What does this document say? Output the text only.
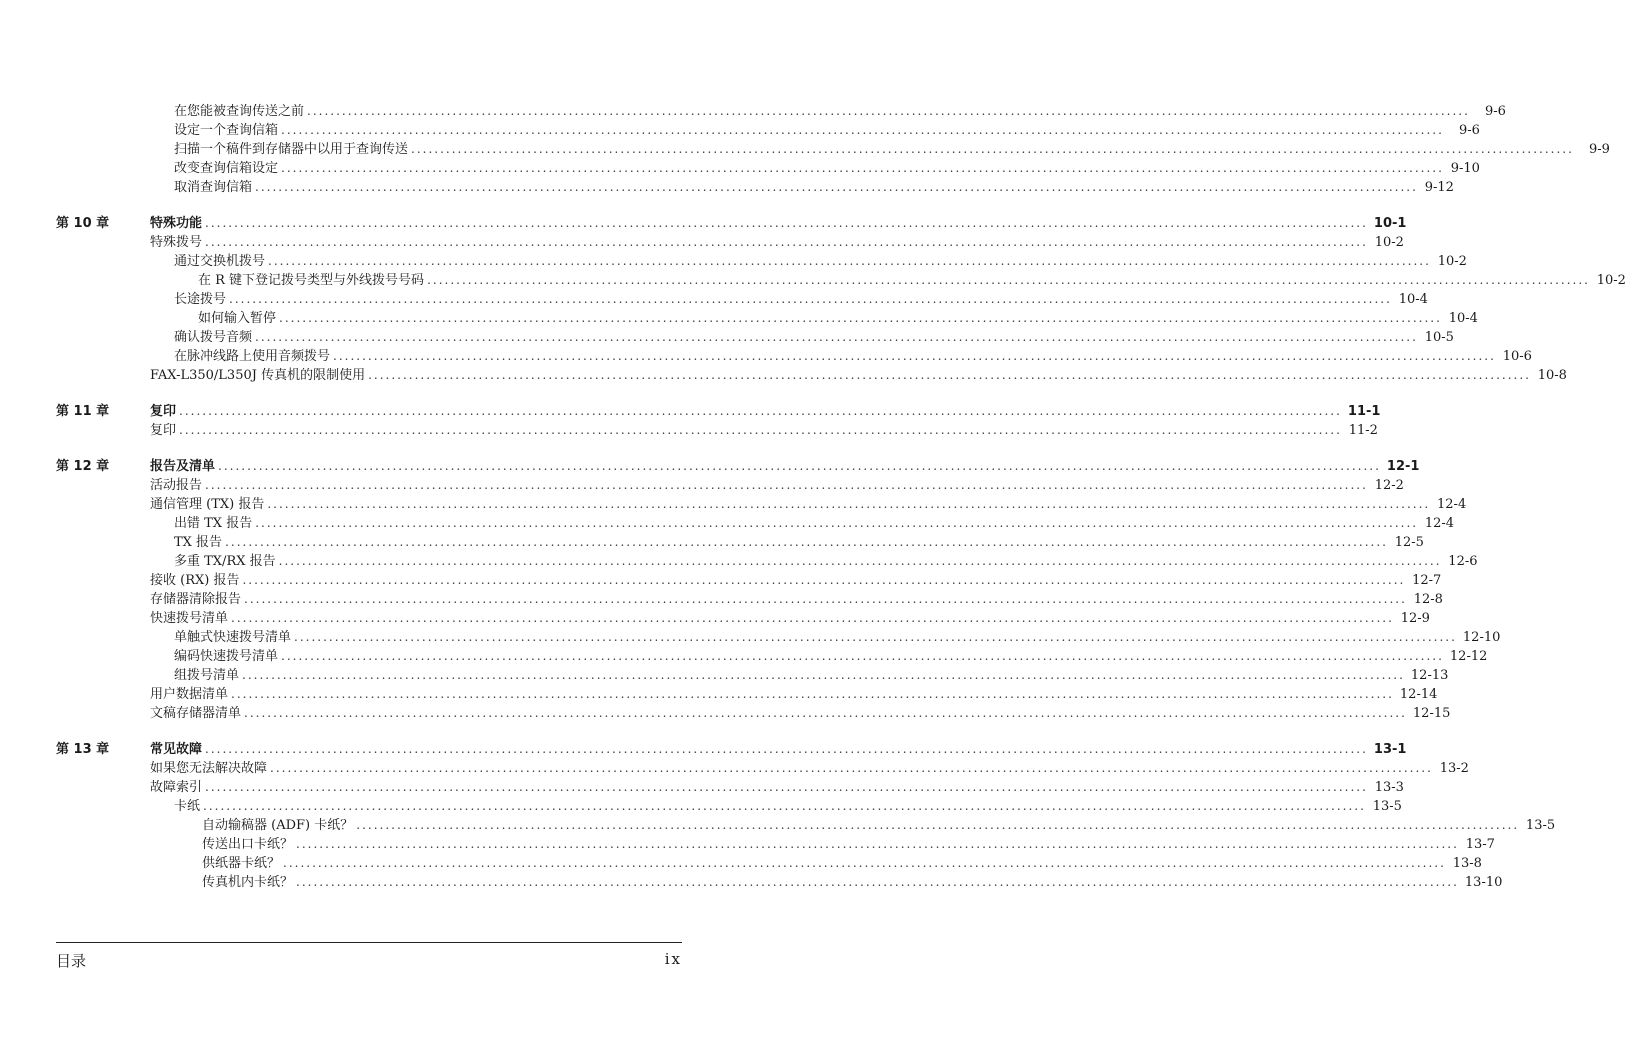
在您能被查询传送之前 ........................................................................................................................................................................................................	9-6
设定一个查询信箱 ........................................................................................................................................................................................................	9-6
扫描一个稿件到存储器中以用于查询传送 ........................................................................................................................................................................................................	9-9
改变查询信箱设定 ........................................................................................................................................................................................................ 9-10
取消查询信箱 ........................................................................................................................................................................................................ 9-12
第 10 章	特殊功能 ........................................................................................................................................................................................................ 10-1
特殊拨号 ........................................................................................................................................................................................................ 10-2
通过交换机拨号 ........................................................................................................................................................................................................ 10-2
在 R 键下登记拨号类型与外线拨号号码 ........................................................................................................................................................................................................ 10-2
长途拨号 ........................................................................................................................................................................................................ 10-4
如何输入暂停 ........................................................................................................................................................................................................ 10-4
确认拨号音频 ........................................................................................................................................................................................................ 10-5
在脉冲线路上使用音频拨号 ........................................................................................................................................................................................................ 10-6
FAX-L350/L350J 传真机的限制使用 ........................................................................................................................................................................................................ 10-8
第 11 章	复印 ........................................................................................................................................................................................................ 11-1
复印 ........................................................................................................................................................................................................ 11-2
第 12 章	报告及清单 ........................................................................................................................................................................................................ 12-1
活动报告 ........................................................................................................................................................................................................ 12-2
通信管理 (TX) 报告 ........................................................................................................................................................................................................ 12-4
出错 TX 报告 ........................................................................................................................................................................................................ 12-4
TX 报告 ........................................................................................................................................................................................................ 12-5
多重 TX/RX 报告 ........................................................................................................................................................................................................ 12-6
接收 (RX) 报告 ........................................................................................................................................................................................................ 12-7
存储器清除报告 ........................................................................................................................................................................................................ 12-8
快速拨号清单 ........................................................................................................................................................................................................ 12-9
单触式快速拨号清单 ........................................................................................................................................................................................................ 12-10
编码快速拨号清单 ........................................................................................................................................................................................................ 12-12
组拨号清单 ........................................................................................................................................................................................................ 12-13
用户数据清单 ........................................................................................................................................................................................................ 12-14
文稿存储器清单 ........................................................................................................................................................................................................ 12-15
第 13 章	常见故障 ........................................................................................................................................................................................................ 13-1
如果您无法解决故障 ........................................................................................................................................................................................................ 13-2
故障索引 ........................................................................................................................................................................................................ 13-3
卡纸 ........................................................................................................................................................................................................ 13-5
自动输稿器 (ADF) 卡纸？ ........................................................................................................................................................................................................ 13-5
传送出口卡纸？ ........................................................................................................................................................................................................ 13-7
供纸器卡纸？ ........................................................................................................................................................................................................ 13-8
传真机内卡纸？ ........................................................................................................................................................................................................ 13-10
目录	ix
